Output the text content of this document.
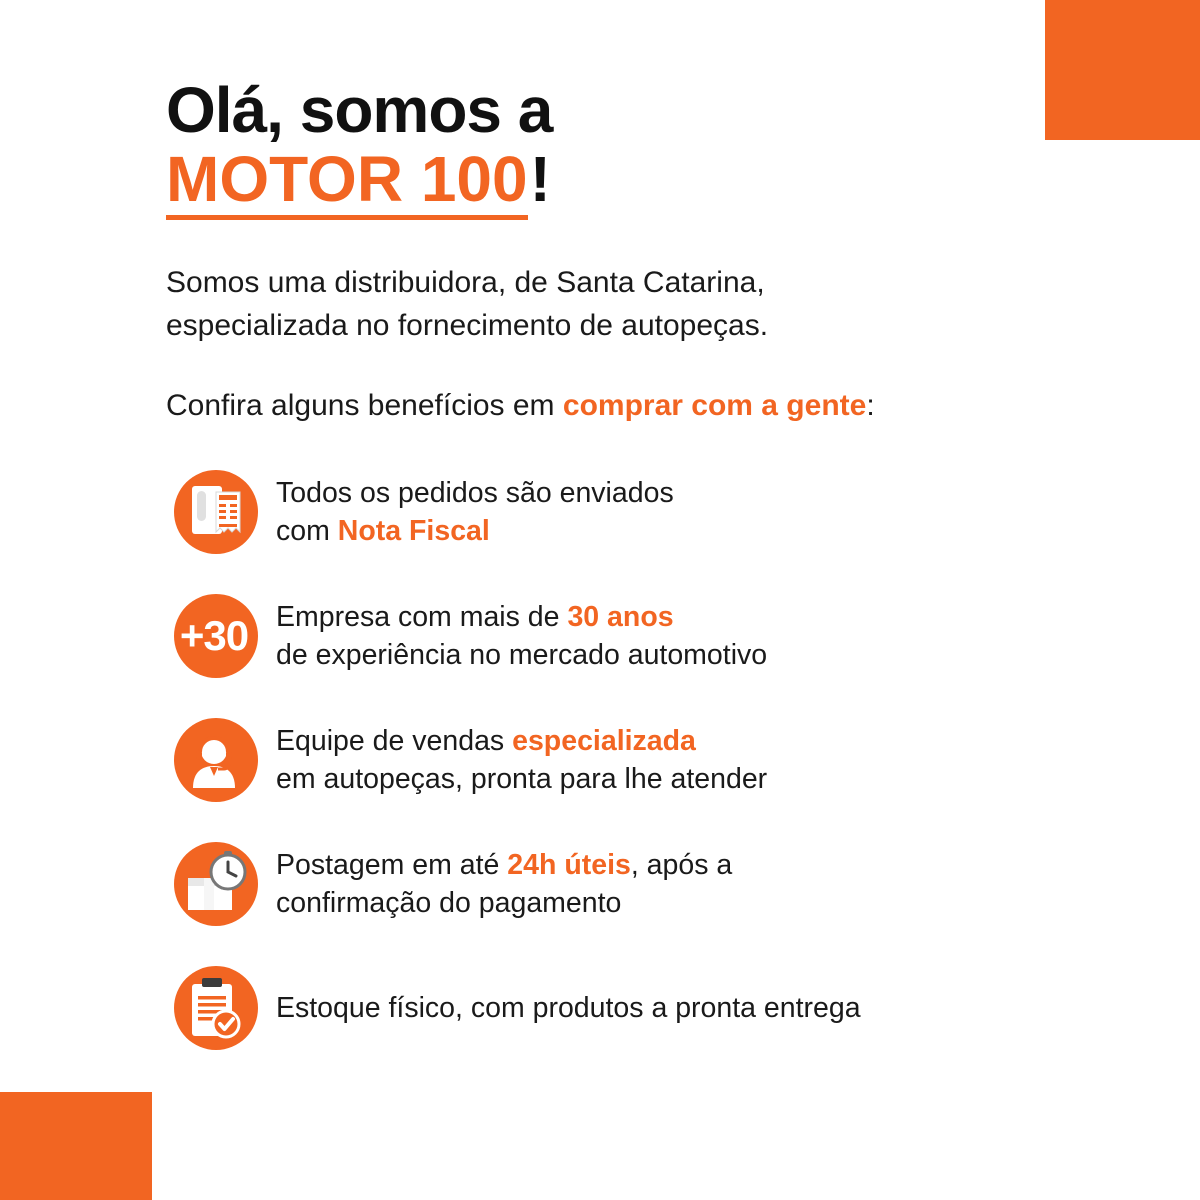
Olá, somos a
MOTOR 100 !

Somos uma distribuidora, de Santa Catarina,
especializada no fornecimento de autopeças.

Confira alguns benefícios em comprar com a gente:

Todos os pedidos são enviados
com Nota Fiscal
+30 Empresa com mais de 30 anos
de experiência no mercado automotivo
Equipe de vendas especializada
em autopeças, pronta para lhe atender
Postagem em até 24h úteis, após a
confirmação do pagamento
Estoque físico, com produtos a pronta entrega
